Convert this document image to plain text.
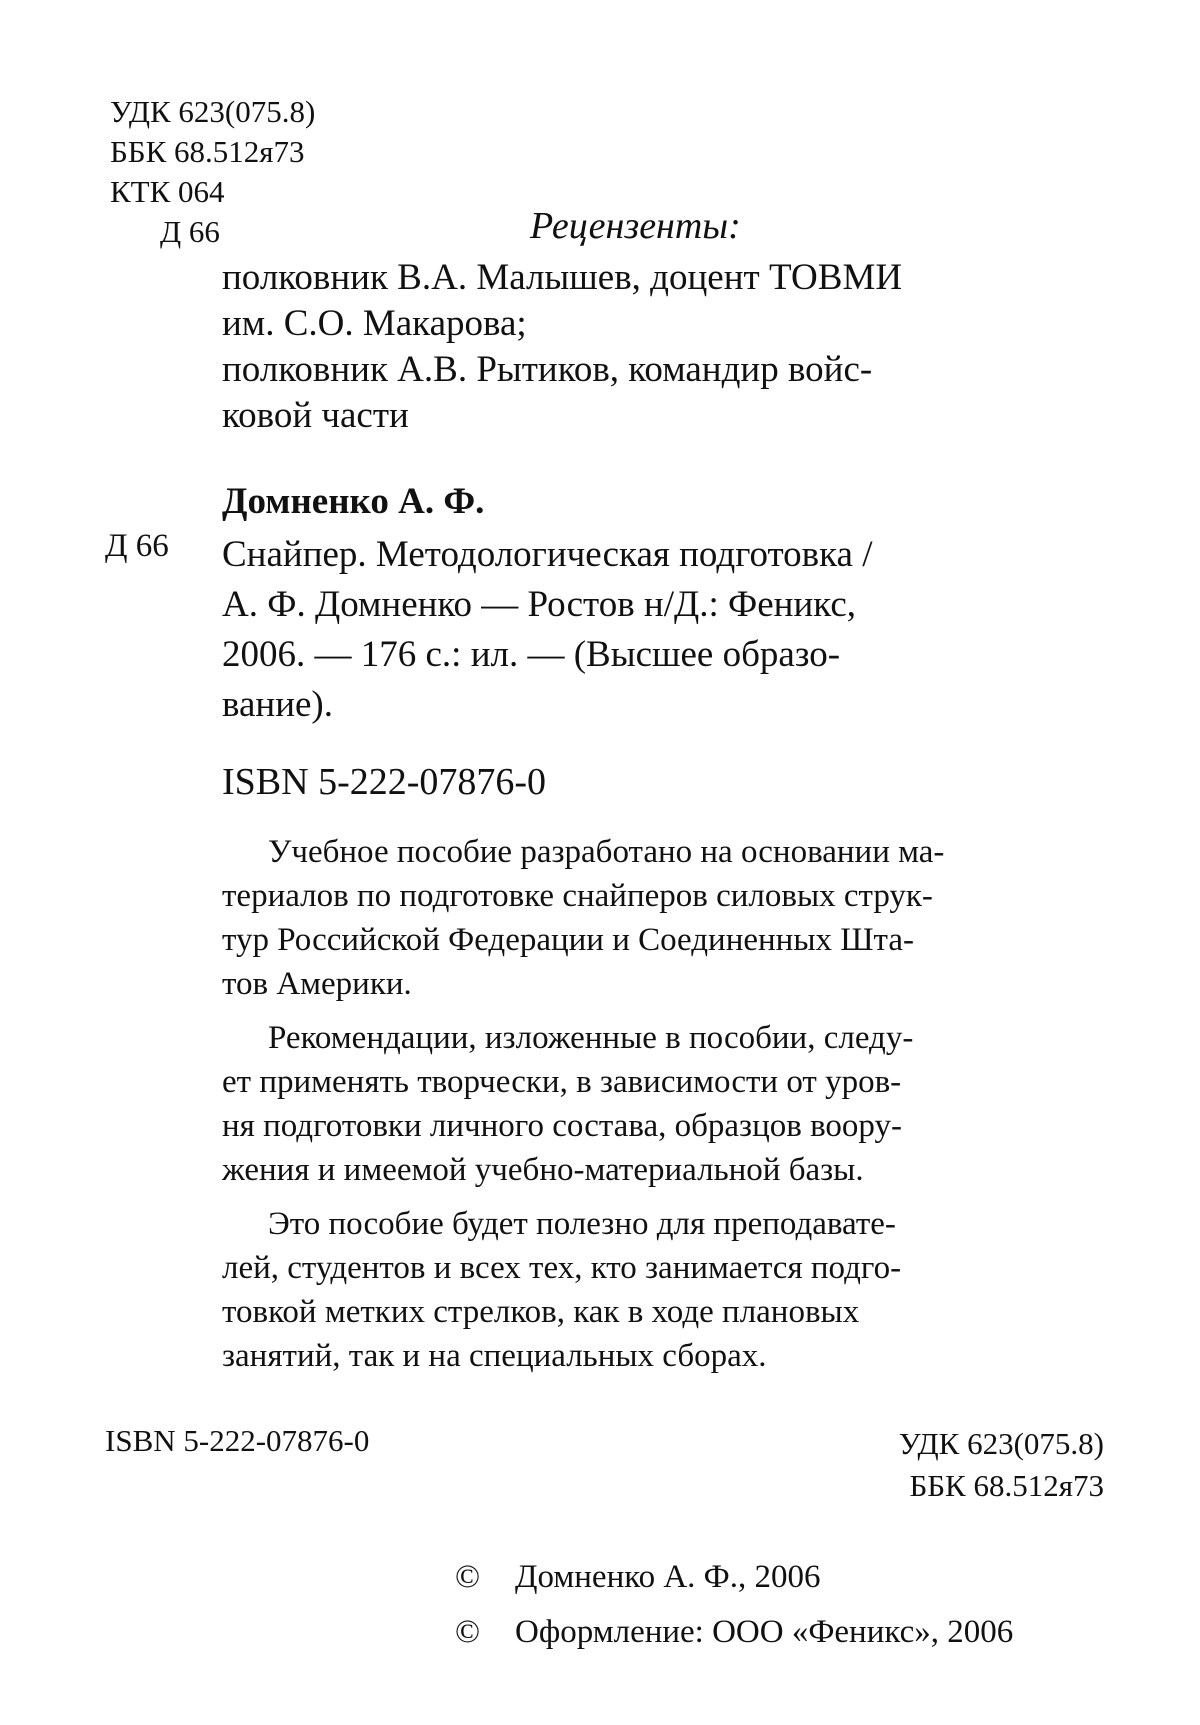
УДК 623(075.8)
ББК 68.512я73
КТК 064
Д 66	Рецензенты:
полковник В.А. Малышев, доцент ТОВМИ
им. С.О. Макарова;
полковник А.В. Рытиков, командир войс-
ковой части
Домненко А. Ф.
Д 66 Снайпер. Методологическая подготовка /
А. Ф. Домненко — Ростов н/Д.: Феникс,
2006. — 176 с.: ил. — (Высшее образо-
вание).
ISBN 5-222-07876-0
Учебное пособие разработано на основании ма-
териалов по подготовке снайперов силовых струк-
тур Российской Федерации и Соединенных Шта-
тов Америки.
Рекомендации, изложенные в пособии, следу-
ет применять творчески, в зависимости от уров-
ня подготовки личного состава, образцов воору-
жения и имеемой учебно-материальной базы.
Это пособие будет полезно для преподавате-
лей, студентов и всех тех, кто занимается подго-
товкой метких стрелков, как в ходе плановых
занятий, так и на специальных сборах.
ISBN 5-222-07876-0	УДК 623(075.8)
ББК 68.512я73
© Домненко А. Ф., 2006
© Оформление: ООО «Феникс», 2006
